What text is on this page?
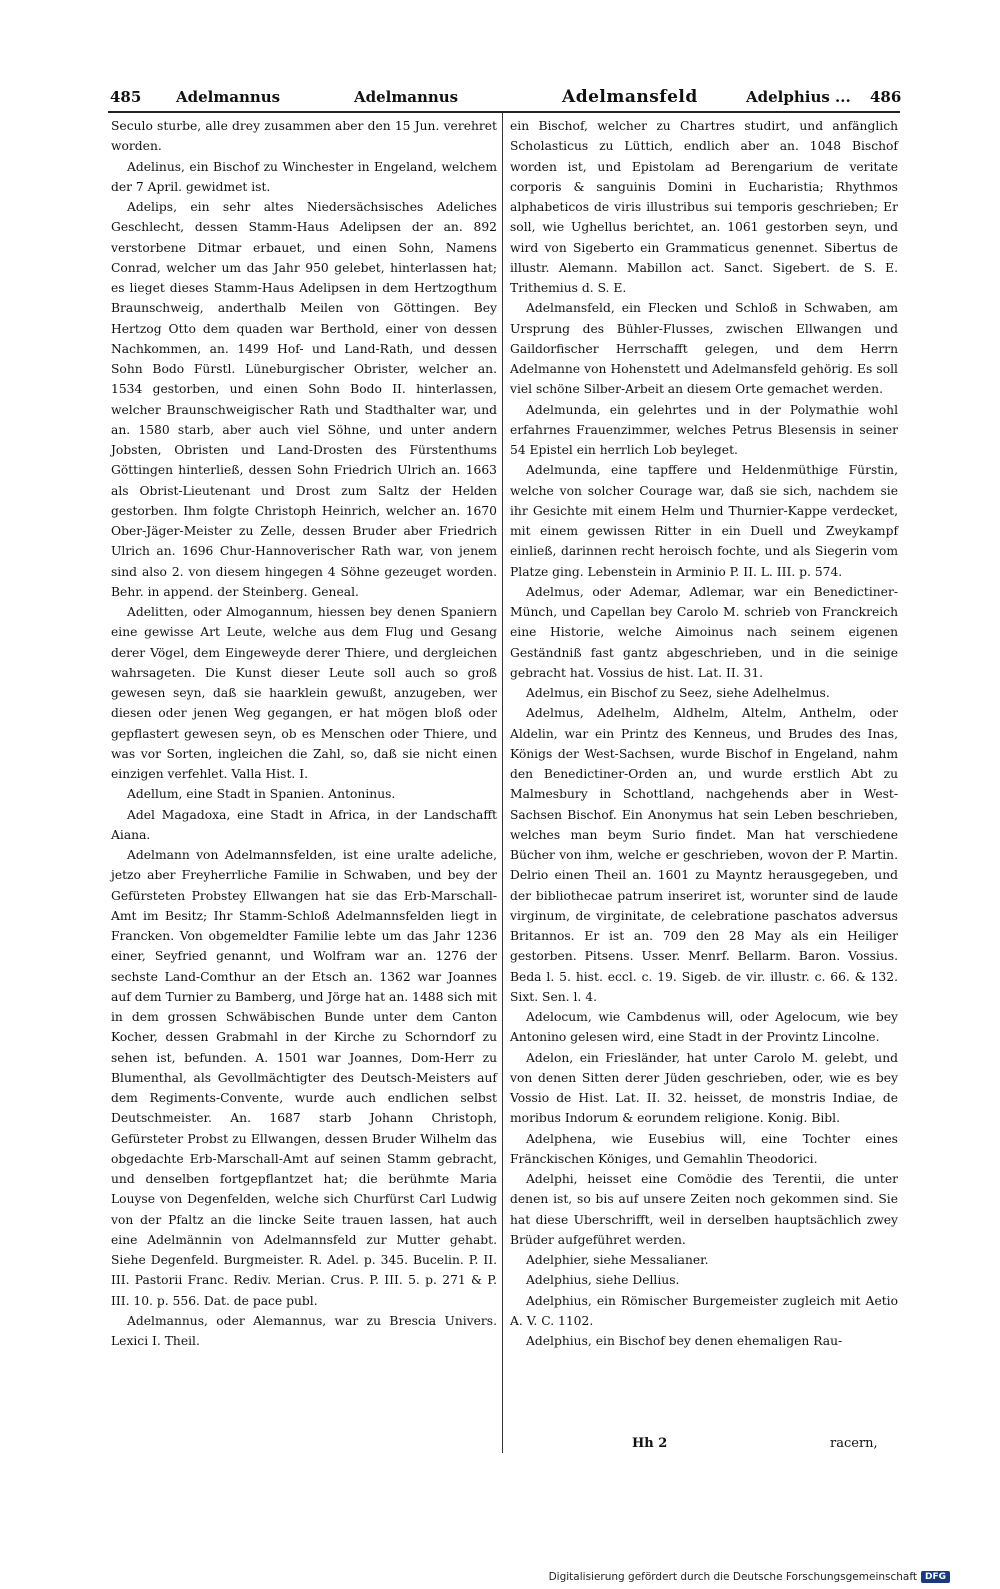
485 Adelmannus	Adelmannus	Adelmansfeld	Adelphius ... 486

Seculo sturbe, alle drey zusammen aber den 15 Jun. verehret worden.

Adelinus, ein Bischof zu Winchester in Engeland, welchem der 7 April. gewidmet ist.

Adelips, ein sehr altes Niedersächsisches Adeliches Geschlecht, dessen Stamm-Haus Adelipsen der an. 892 verstorbene Ditmar erbauet, und einen Sohn, Namens Conrad, welcher um das Jahr 950 gelebet, hinterlassen hat; es lieget dieses Stamm-Haus Adelipsen in dem Hertzogthum Braunschweig, anderthalb Meilen von Göttingen. Bey Hertzog Otto dem quaden war Berthold, einer von dessen Nachkommen, an. 1499 Hof- und Land-Rath, und dessen Sohn Bodo Fürstl. Lüneburgischer Obrister, welcher an. 1534 gestorben, und einen Sohn Bodo II. hinterlassen, welcher Braunschweigischer Rath und Stadthalter war, und an. 1580 starb, aber auch viel Söhne, und unter andern Jobsten, Obristen und Land-Drosten des Fürstenthums Göttingen hinterließ, dessen Sohn Friedrich Ulrich an. 1663 als Obrist-Lieutenant und Drost zum Saltz der Helden gestorben. Ihm folgte Christoph Heinrich, welcher an. 1670 Ober-Jäger-Meister zu Zelle, dessen Bruder aber Friedrich Ulrich an. 1696 Chur-Hannoverischer Rath war, von jenem sind also 2. von diesem hingegen 4 Söhne gezeuget worden. Behr. in append. der Steinberg. Geneal.

Adelitten, oder Almogannum, hiessen bey denen Spaniern eine gewisse Art Leute, welche aus dem Flug und Gesang derer Vögel, dem Eingeweyde derer Thiere, und dergleichen wahrsageten. Die Kunst dieser Leute soll auch so groß gewesen seyn, daß sie haarklein gewußt, anzugeben, wer diesen oder jenen Weg gegangen, er hat mögen bloß oder gepflastert gewesen seyn, ob es Menschen oder Thiere, und was vor Sorten, ingleichen die Zahl, so, daß sie nicht einen einzigen verfehlet. Valla Hist. I.

Adellum, eine Stadt in Spanien. Antoninus.

Adel Magadoxa, eine Stadt in Africa, in der Landschafft Aiana.

Adelmann von Adelmannsfelden, ist eine uralte adeliche, jetzo aber Freyherrliche Familie in Schwaben, und bey der Gefürsteten Probstey Ellwangen hat sie das Erb-Marschall-Amt im Besitz; Ihr Stamm-Schloß Adelmannsfelden liegt in Francken. Von obgemeldter Familie lebte um das Jahr 1236 einer, Seyfried genannt, und Wolfram war an. 1276 der sechste Land-Comthur an der Etsch an. 1362 war Joannes auf dem Turnier zu Bamberg, und Jörge hat an. 1488 sich mit in dem grossen Schwäbischen Bunde unter dem Canton Kocher, dessen Grabmahl in der Kirche zu Schorndorf zu sehen ist, befunden. A. 1501 war Joannes, Dom-Herr zu Blumenthal, als Gevollmächtigter des Deutsch-Meisters auf dem Regiments-Convente, wurde auch endlichen selbst Deutschmeister. An. 1687 starb Johann Christoph, Gefürsteter Probst zu Ellwangen, dessen Bruder Wilhelm das obgedachte Erb-Marschall-Amt auf seinen Stamm gebracht, und denselben fortgepflantzet hat; die berühmte Maria Louyse von Degenfelden, welche sich Churfürst Carl Ludwig von der Pfaltz an die lincke Seite trauen lassen, hat auch eine Adelmännin von Adelmannsfeld zur Mutter gehabt. Siehe Degenfeld. Burgmeister. R. Adel. p. 345. Bucelin. P. II. III. Pastorii Franc. Rediv. Merian. Crus. P. III. 5. p. 271 & P. III. 10. p. 556. Dat. de pace publ.

Adelmannus, oder Alemannus, war zu Brescia Univers. Lexici I. Theil.

ein Bischof, welcher zu Chartres studirt, und anfänglich Scholasticus zu Lüttich, endlich aber an. 1048 Bischof worden ist, und Epistolam ad Berengarium de veritate corporis & sanguinis Domini in Eucharistia; Rhythmos alphabeticos de viris illustribus sui temporis geschrieben; Er soll, wie Ughellus berichtet, an. 1061 gestorben seyn, und wird von Sigeberto ein Grammaticus genennet. Sibertus de illustr. Alemann. Mabillon act. Sanct. Sigebert. de S. E. Trithemius d. S. E.

Adelmansfeld, ein Flecken und Schloß in Schwaben, am Ursprung des Bühler-Flusses, zwischen Ellwangen und Gaildorfischer Herrschafft gelegen, und dem Herrn Adelmanne von Hohenstett und Adelmansfeld gehörig. Es soll viel schöne Silber-Arbeit an diesem Orte gemachet werden.

Adelmunda, ein gelehrtes und in der Polymathie wohl erfahrnes Frauenzimmer, welches Petrus Blesensis in seiner 54 Epistel ein herrlich Lob beyleget.

Adelmunda, eine tapffere und Heldenmüthige Fürstin, welche von solcher Courage war, daß sie sich, nachdem sie ihr Gesichte mit einem Helm und Thurnier-Kappe verdecket, mit einem gewissen Ritter in ein Duell und Zweykampf einließ, darinnen recht heroisch fochte, und als Siegerin vom Platze ging. Lebenstein in Arminio P. II. L. III. p. 574.

Adelmus, oder Ademar, Adlemar, war ein Benedictiner-Münch, und Capellan bey Carolo M. schrieb von Franckreich eine Historie, welche Aimoinus nach seinem eigenen Geständniß fast gantz abgeschrieben, und in die seinige gebracht hat. Vossius de hist. Lat. II. 31.

Adelmus, ein Bischof zu Seez, siehe Adelhelmus.

Adelmus, Adelhelm, Aldhelm, Altelm, Anthelm, oder Aldelin, war ein Printz des Kenneus, und Brudes des Inas, Königs der West-Sachsen, wurde Bischof in Engeland, nahm den Benedictiner-Orden an, und wurde erstlich Abt zu Malmesbury in Schottland, nachgehends aber in West-Sachsen Bischof. Ein Anonymus hat sein Leben beschrieben, welches man beym Surio findet. Man hat verschiedene Bücher von ihm, welche er geschrieben, wovon der P. Martin. Delrio einen Theil an. 1601 zu Mayntz herausgegeben, und der bibliothecae patrum inseriret ist, worunter sind de laude virginum, de virginitate, de celebratione paschatos adversus Britannos. Er ist an. 709 den 28 May als ein Heiliger gestorben. Pitsens. Usser. Menrf. Bellarm. Baron. Vossius. Beda l. 5. hist. eccl. c. 19. Sigeb. de vir. illustr. c. 66. & 132. Sixt. Sen. l. 4.

Adelocum, wie Cambdenus will, oder Agelocum, wie bey Antonino gelesen wird, eine Stadt in der Provintz Lincolne.

Adelon, ein Friesländer, hat unter Carolo M. gelebt, und von denen Sitten derer Jüden geschrieben, oder, wie es bey Vossio de Hist. Lat. II. 32. heisset, de monstris Indiae, de moribus Indorum & eorundem religione. Konig. Bibl.

Adelphena, wie Eusebius will, eine Tochter eines Fränckischen Königes, und Gemahlin Theodorici.

Adelphi, heisset eine Comödie des Terentii, die unter denen ist, so bis auf unsere Zeiten noch gekommen sind. Sie hat diese Uberschrifft, weil in derselben hauptsächlich zwey Brüder aufgeführet werden.

Adelphier, siehe Messalianer.

Adelphius, siehe Dellius.

Adelphius, ein Römischer Burgemeister zugleich mit Aetio A. V. C. 1102.

Adelphius, ein Bischof bey denen ehemaligen Rau-

Hh 2	racern,
Digitalisierung gefördert durch die Deutsche Forschungsgemeinschaft DFG
